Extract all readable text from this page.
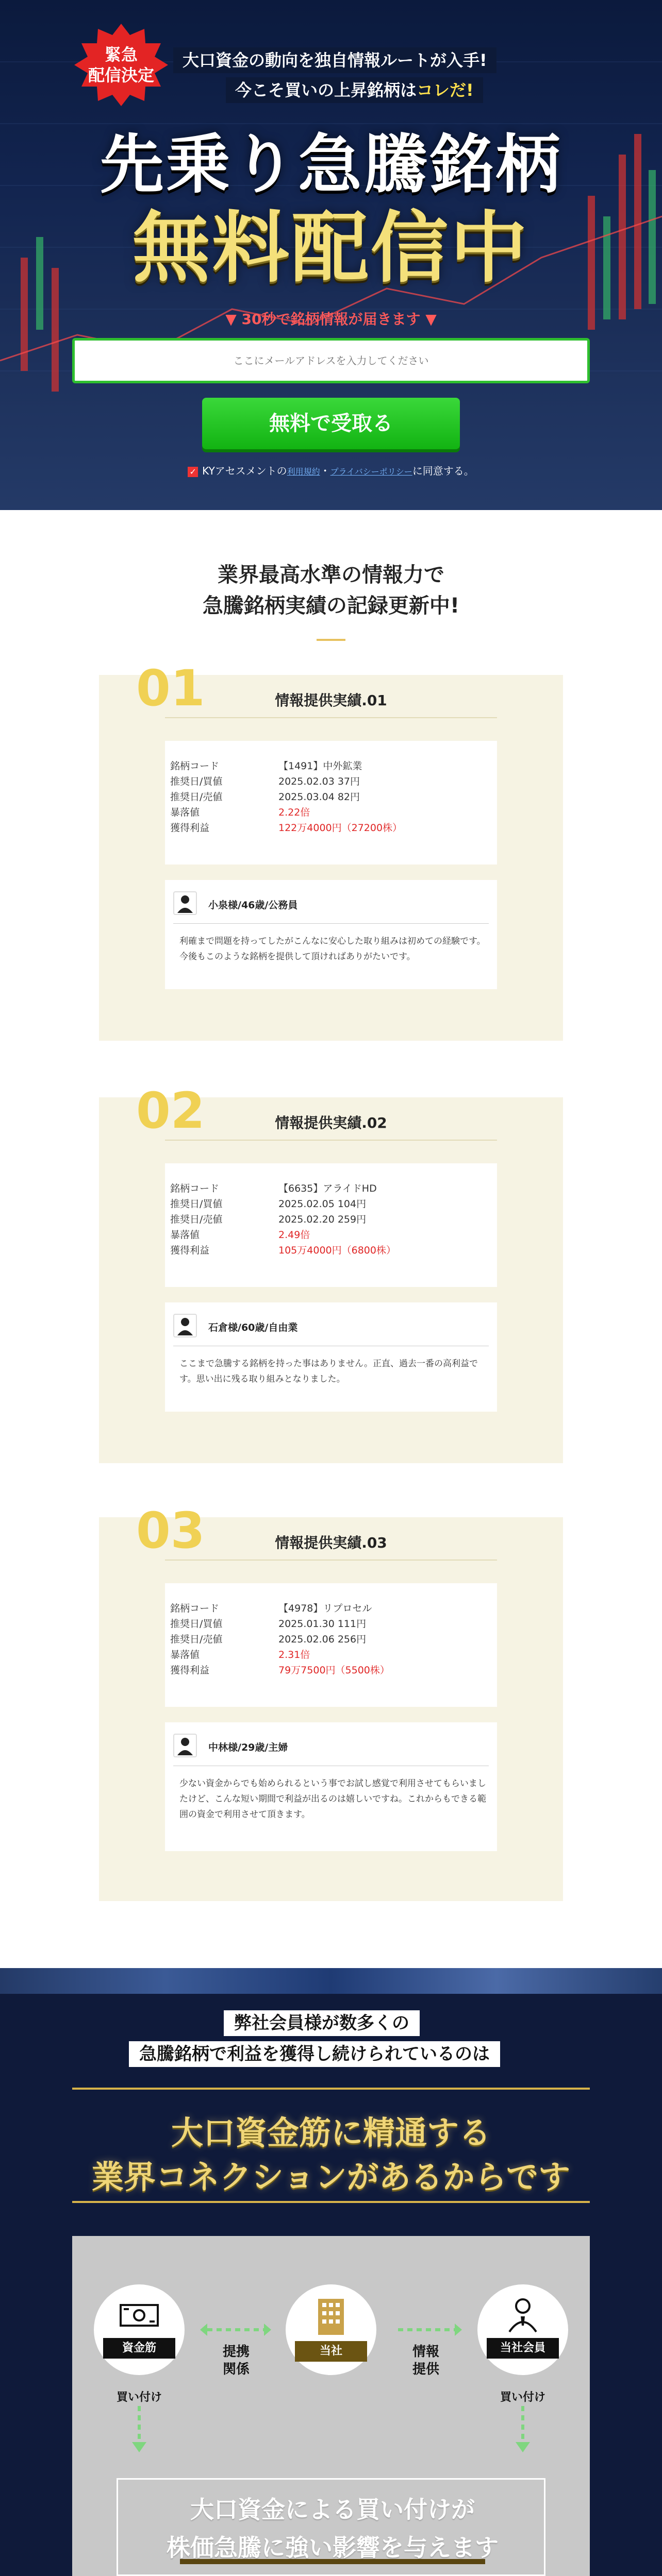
緊急
配信決定
大口資金の動向を独自情報ルートが入手!
今こそ買いの上昇銘柄はコレだ!
先乗り急騰銘柄
無料配信中
▼ 30秒で銘柄情報が届きます ▼
ここにメールアドレスを入力してください
無料で受取る
✓ KYアセスメントの利用規約・プライバシーポリシーに同意する。
業界最高水準の情報力で
急騰銘柄実績の記録更新中!
01	情報提供実績.01
銘柄コード	【1491】中外鉱業
推奨日/買値	2025.02.03 37円
推奨日/売値	2025.03.04 82円
暴落値	2.22倍
獲得利益	122万4000円（27200株）
小泉様/46歳/公務員
利確まで問題を持ってしたがこんなに安心した取り組みは初めての経験です。今後もこのような銘柄を提供して頂ければありがたいです。
02	情報提供実績.02
銘柄コード	【6635】アライドHD
推奨日/買値	2025.02.05 104円
推奨日/売値	2025.02.20 259円
暴落値	2.49倍
獲得利益	105万4000円（6800株）
石倉様/60歳/自由業
ここまで急騰する銘柄を持った事はありません。正直、過去一番の高利益です。思い出に残る取り組みとなりました。
03	情報提供実績.03
銘柄コード	【4978】リプロセル
推奨日/買値	2025.01.30 111円
推奨日/売値	2025.02.06 256円
暴落値	2.31倍
獲得利益	79万7500円（5500株）
中林様/29歳/主婦
少ない資金からでも始められるという事でお試し感覚で利用させてもらいましたけど、こんな短い期間で利益が出るのは嬉しいですね。これからもできる範囲の資金で利用させて頂きます。
弊社会員様が数多くの
急騰銘柄で利益を獲得し続けられているのは
大口資金筋に精通する
業界コネクションがあるからです
資金筋	提携
関係
当社	情報
提供
当社会員
買い付け	買い付け
大口資金による買い付けが
株価急騰に強い影響を与えます
